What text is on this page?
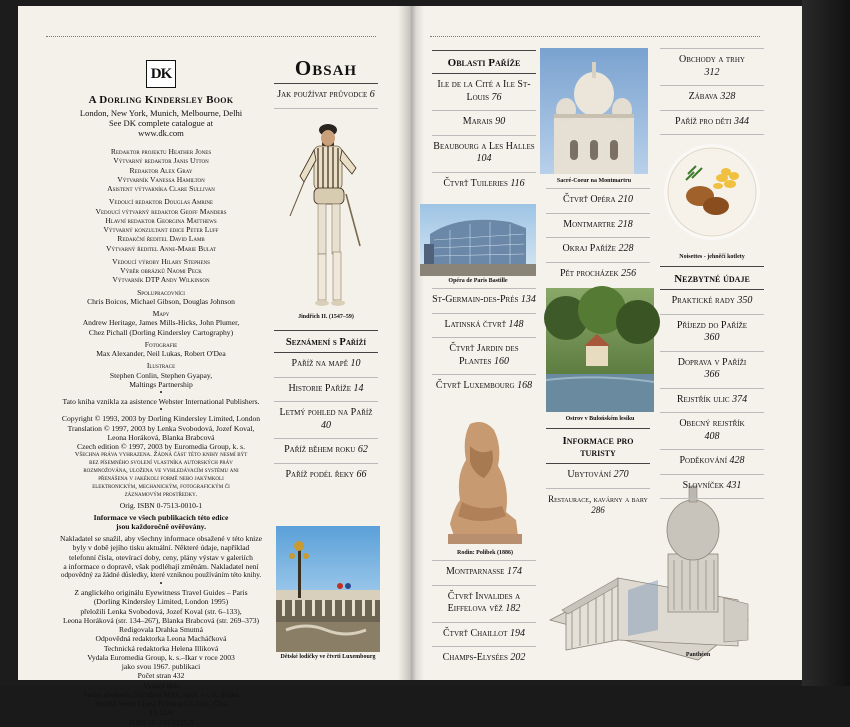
DK
A Dorling Kindersley Book
London, New York, Munich, Melbourne, Delhi
See DK complete catalogue at
www.dk.com
Redaktor projektu Heather Jones
Výtvarný redaktor Janis Utton
Redaktor Alex Gray
Výtvarník Vanessa Hamilton
Asistent výtvarníka Clare Sullivan
Vedoucí redaktor Douglas Amrine
Vedoucí výtvarný redaktor Geoff Manders
Hlavní redaktor Georgina Matthews
Výtvarný konzultant edice Peter Luff
Redakční ředitel David Lamb
Výtvarný ředitel Anne-Marie Bulat
Vedoucí výroby Hilary Stephens
Výběr obrázků Naomi Peck
Výtvarník DTP Andy Wilkinson
Spolupracovníci
Chris Boicos, Michael Gibson, Douglas Johnson
Mapy
Andrew Heritage, James Mills-Hicks, John Plumer,
Chez Pichall (Dorling Kindersley Cartography)
Fotografie
Max Alexander, Neil Lukas, Robert O'Dea
Ilustrace
Stephen Conlin, Stephen Gyapay,
Maltings Partnership
•
Tato kniha vznikla za asistence Webster International Publishers.
•
Copyright © 1993, 2003 by Dorling Kindersley Limited, London
Translation © 1997, 2003 by Lenka Svobodová, Jozef Koval,
Leona Horáková, Blanka Brabcová
Czech edition © 1997, 2003 by Euromedia Group, k. s.
Všechna práva vyhrazena. Žádná část této knihy nesmí být
bez písemného svolení vlastníka autorských práv
rozmnožována, uložena ve vyhledávacím systému ani
přenášena v jakékoli formě nebo jakýmkoli
elektronickým, mechanickým, fotografickým či
záznamovým prostředky.
Orig. ISBN 0-7513-0010-1
Informace ve všech publikacích této edice
jsou každoročně ověřovány.
Nakladatel se snažil, aby všechny informace obsažené v této knize
byly v době jejího tisku aktuální. Některé údaje, například
telefonní čísla, otevírací doby, ceny, plány výstav v galeriích
a informace o dopravě, však podléhají změnám. Nakladatel není
odpovědný za žádné důsledky, které vzniknou používáním této knihy.
•
Z anglického originálu Eyewitness Travel Guides – Paris
(Dorling Kindersley Limited, London 1995)
přeložili Lenka Svobodová, Jozef Koval (str. 6–133),
Leona Horáková (str. 134–267), Blanka Brabcová (str. 269–373)
Redigovala Drahka Smutná
Odpovědná redaktorka Leona Macháčková
Technická redaktorka Helena Illiková
Vydala Euromedia Group, k. s.–Ikar v roce 2003
jako svou 1967. publikaci
Počet stran 432
Vydání třetí
Sazbu zhotovilo Sdružení MAC, spol. s r. o., Praha
Vytiskl South China Printing Co. Ltd., Čína
TS 11/6
ISBN 80-249-0115-3
Obsah
Jak používat průvodce 6
Jindřich II. (1547–59)
Seznámení s Paříží
Paříž na mapě 10
Historie Paříže 14
Letmý pohled na Paříž 40
Paříž během roku 62
Paříž podél řeky 66
Dětské lodičky ve čtvrti Luxembourg
Oblasti Paříže
Ile de la Cité a Ile St-Louis 76
Marais 90
Beaubourg a Les Halles 104
Čtvrť Tuileries 116
Opéra de Paris Bastille
St-Germain-des-Prés 134
Latinská čtvrť 148
Čtvrť Jardin des Plantes 160
Čtvrť Luxembourg 168
Rodin: Polibek (1886)
Montparnasse 174
Čtvrť Invalides a Eiffelova věž 182
Čtvrť Chaillot 194
Champs-Elysées 202
Sacré-Coeur na Montmartru
Čtvrť Opéra 210
Montmartre 218
Okraj Paříže 228
Pět procházek 256
Ostrov v Bulońském lesíku
Informace pro turisty
Ubytování 270
Restaurace, kavárny a bary 286
Panthéon
Obchody a trhy
312
Zábava 328
Paříž pro děti 344
Noisettes - jehněčí kotlety
Nezbytné údaje
Praktické rady 350
Příjezd do Paříže
360
Doprava v Paříži
366
Rejstřík ulic 374
Obecný rejstřík
408
Poděkování 428
Slovníček 431
